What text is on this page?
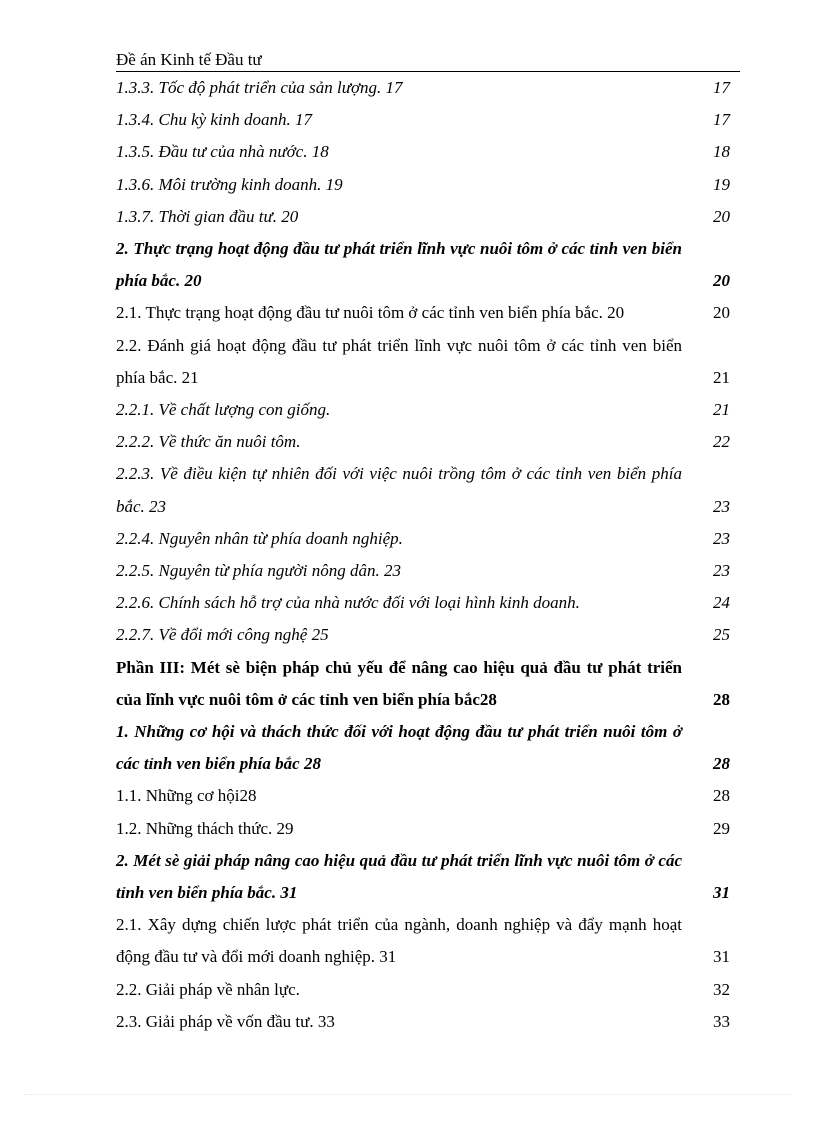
Đề án Kinh tế Đầu tư
1.3.3. Tốc độ phát triển của sản lượng. 17	17
1.3.4. Chu kỳ kinh doanh. 17	17
1.3.5. Đầu tư của nhà nước. 18	18
1.3.6. Môi trường kinh doanh. 19	19
1.3.7. Thời gian đầu tư. 20	20
2. Thực trạng hoạt động đầu tư phát triển lĩnh vực nuôi tôm ở các tỉnh ven biển phía bắc. 20	20
2.1. Thực trạng hoạt động đầu tư nuôi tôm ở các tỉnh ven biển phía bắc. 20	20
2.2. Đánh giá hoạt động đầu tư phát triển lĩnh vực nuôi tôm ở các tỉnh ven biển phía bắc. 21	21
2.2.1. Về chất lượng con giống.	21
2.2.2. Về thức ăn nuôi tôm.	22
2.2.3. Về điều kiện tự nhiên đối với việc nuôi trồng tôm ở các tỉnh ven biển phía bắc. 23	23
2.2.4. Nguyên nhân từ phía doanh nghiệp.	23
2.2.5. Nguyên từ phía người nông dân. 23	23
2.2.6. Chính sách hỗ trợ của nhà nước đối với loại hình kinh doanh.	24
2.2.7. Về đổi mới công nghệ 25	25
Phần III: Mét sè biện pháp chủ yếu để nâng cao hiệu quả đầu tư phát triển của lĩnh vực nuôi tôm ở các tỉnh ven biển phía bắc28	28
1. Những cơ hội và thách thức đối với hoạt động đầu tư phát triển nuôi tôm ở các tỉnh ven biển phía bắc 28	28
1.1. Những cơ hội28	28
1.2. Những thách thức. 29	29
2. Mét sè giải pháp nâng cao hiệu quả đầu tư phát triển lĩnh vực nuôi tôm ở các tỉnh ven biển phía bắc. 31	31
2.1. Xây dựng chiến lược phát triển của ngành, doanh nghiệp và đẩy mạnh hoạt động đầu tư và đổi mới doanh nghiệp. 31	31
2.2. Giải pháp về nhân lực.	32
2.3. Giải pháp về vốn đầu tư. 33	33
